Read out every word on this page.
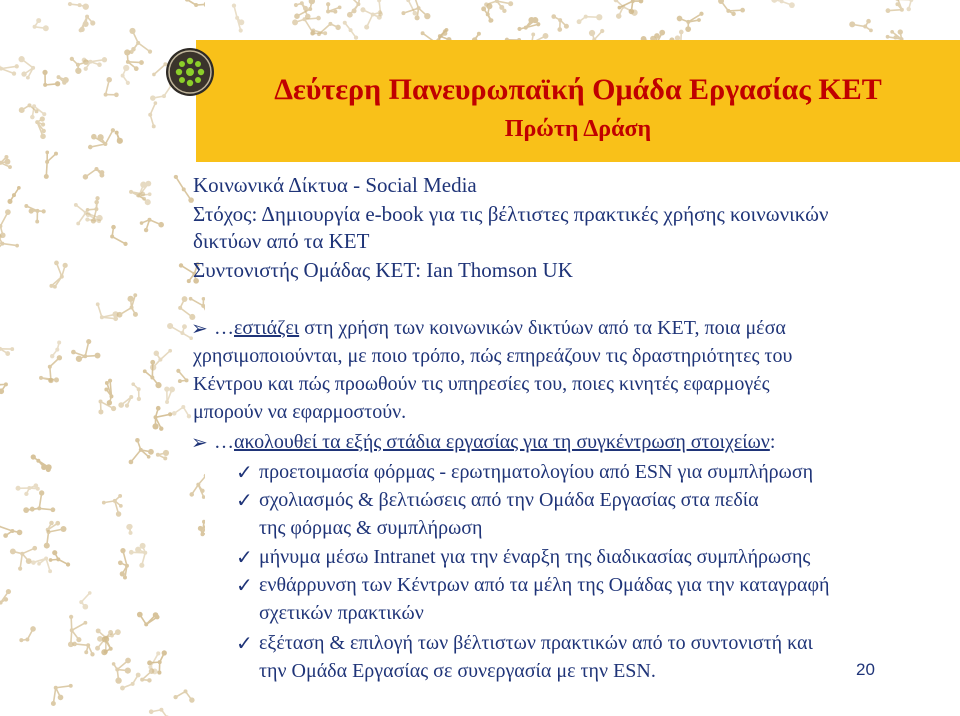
Δεύτερη Πανευρωπαϊκή Ομάδα Εργασίας ΚΕΤ
Πρώτη Δράση
Κοινωνικά Δίκτυα - Social Media
Στόχος: Δημιουργία e-book για τις βέλτιστες πρακτικές χρήσης κοινωνικών
δικτύων από τα ΚΕΤ
Συντονιστής Ομάδας ΚΕΤ: Ian Thomson UK
➢ …εστιάζει στη χρήση των κοινωνικών δικτύων από τα ΚΕΤ, ποια μέσα
χρησιμοποιούνται, με ποιο τρόπο, πώς επηρεάζουν τις δραστηριότητες του
Κέντρου και πώς προωθούν τις υπηρεσίες του, ποιες κινητές εφαρμογές
μπορούν να εφαρμοστούν.
➢ …ακολουθεί τα εξής στάδια εργασίας για τη συγκέντρωση στοιχείων:
✓ προετοιμασία φόρμας - ερωτηματολογίου από ESN για συμπλήρωση
✓ σχολιασμός & βελτιώσεις από την Ομάδα Εργασίας στα πεδία
της φόρμας & συμπλήρωση
✓ μήνυμα μέσω Intranet για την έναρξη της διαδικασίας συμπλήρωσης
✓ ενθάρρυνση των Κέντρων από τα μέλη της Ομάδας για την καταγραφή
σχετικών πρακτικών
✓ εξέταση & επιλογή των βέλτιστων πρακτικών από το συντονιστή και
την Ομάδα Εργασίας σε συνεργασία με την ESN.	20
